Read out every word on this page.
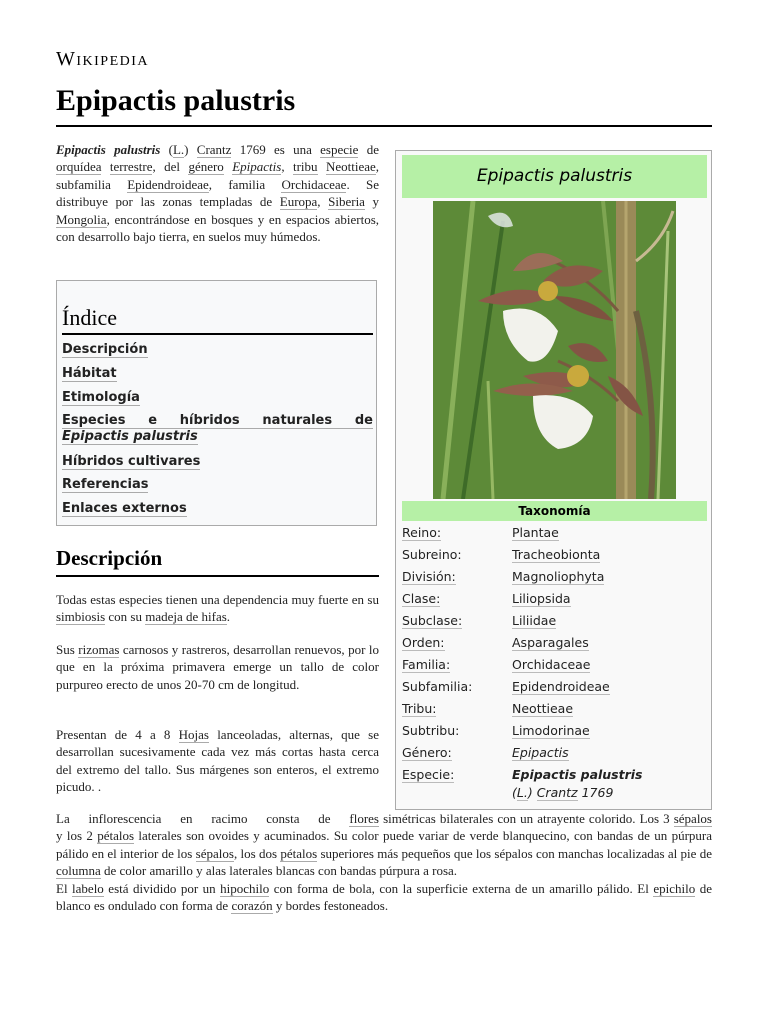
Wikipedia
Epipactis palustris

Epipactis palustris (L.) Crantz 1769 es una especie de orquídea terrestre, del género Epipactis, tribu Neottieae, subfamilia Epidendroideae, familia Orchidaceae. Se distribuye por las zonas templadas de Europa, Siberia y Mongolia, encontrándose en bosques y en espacios abiertos, con desarrollo bajo tierra, en suelos muy húmedos.

Índice
Descripción
Hábitat
Etimología
Especies e híbridos naturales de
Epipactis palustris
Híbridos cultivares
Referencias
Enlaces externos
Descripción

Todas estas especies tienen una dependencia muy fuerte en su simbiosis con su madeja de hifas.

Sus rizomas carnosos y rastreros, desarrollan renuevos, por lo que en la próxima primavera emerge un tallo de color purpureo erecto de unos 20-70 cm de longitud.

Presentan de 4 a 8 Hojas lanceoladas, alternas, que se desarrollan sucesivamente cada vez más cortas hasta cerca del extremo del tallo. Sus márgenes son enteros, el extremo picudo. .

La inflorescencia en racimo consta de flores simétricas bilaterales con un atrayente colorido. Los 3 sépalos y los 2 pétalos laterales son ovoides y acuminados. Su color puede variar de verde blanquecino, con bandas de un púrpura pálido en el interior de los sépalos, los dos pétalos superiores más pequeños que los sépalos con manchas localizadas al pie de columna de color amarillo y alas laterales blancas con bandas púrpura a rosa.
El labelo está dividido por un hipochilo con forma de bola, con la superficie externa de un amarillo pálido. El epichilo de blanco es ondulado con forma de corazón y bordes festoneados.

Epipactis palustris
Taxonomía
Reino:	Plantae
Subreino:	Tracheobionta
División:	Magnoliophyta
Clase:	Liliopsida
Subclase:	Liliidae
Orden:	Asparagales
Familia:	Orchidaceae
Subfamilia:	Epidendroideae
Tribu:	Neottieae
Subtribu:	Limodorinae
Género:	Epipactis
Especie:	Epipactis palustris
(L.) Crantz 1769
